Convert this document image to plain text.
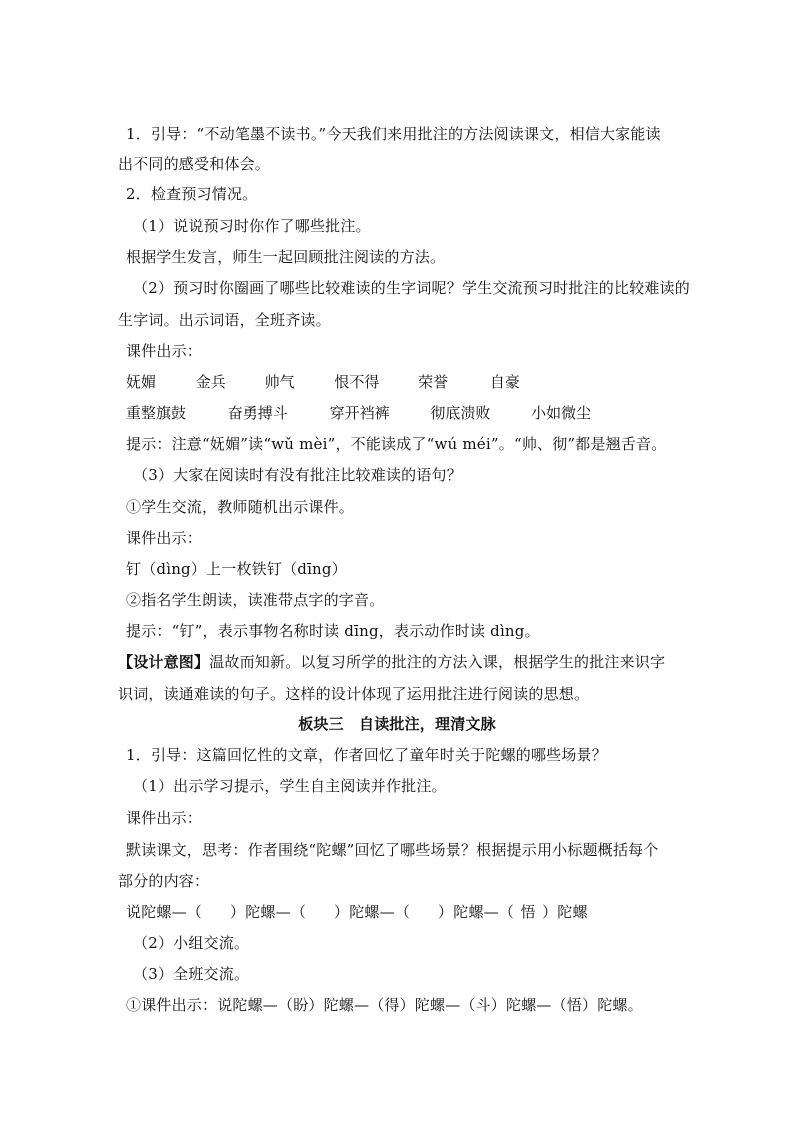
1．引导：“不动笔墨不读书。”今天我们来用批注的方法阅读课文，相信大家能读
出不同的感受和体会。
2．检查预习情况。
（1）说说预习时你作了哪些批注。
根据学生发言，师生一起回顾批注阅读的方法。
（2）预习时你圈画了哪些比较难读的生字词呢？学生交流预习时批注的比较难读的
生字词。出示词语，全班齐读。
课件出示：
妩媚	金兵	帅气	恨不得	荣誉	自豪
重整旗鼓	奋勇搏斗	穿开裆裤	彻底溃败	小如微尘
提示：注意“妩媚”读“wǔ mèi”，不能读成了“wú méi”。“帅、彻”都是翘舌音。
（3）大家在阅读时有没有批注比较难读的语句？
①学生交流，教师随机出示课件。
课件出示：
钉（dìng）上一枚铁钉（dīng）
②指名学生朗读，读准带点字的字音。
提示：“钉”，表示事物名称时读 dīng，表示动作时读 dìng。
【设计意图】温故而知新。以复习所学的批注的方法入课，根据学生的批注来识字
识词，读通难读的句子。这样的设计体现了运用批注进行阅读的思想。
板块三　自读批注，理清文脉
1．引导：这篇回忆性的文章，作者回忆了童年时关于陀螺的哪些场景？
（1）出示学习提示，学生自主阅读并作批注。
课件出示：
默读课文，思考：作者围绕“陀螺”回忆了哪些场景？根据提示用小标题概括每个
部分的内容：
说陀螺—（ ）陀螺—（ ）陀螺—（ ）陀螺—（ 悟 ）陀螺
（2）小组交流。
（3）全班交流。
①课件出示：说陀螺—（盼）陀螺—（得）陀螺—（斗）陀螺—（悟）陀螺。
